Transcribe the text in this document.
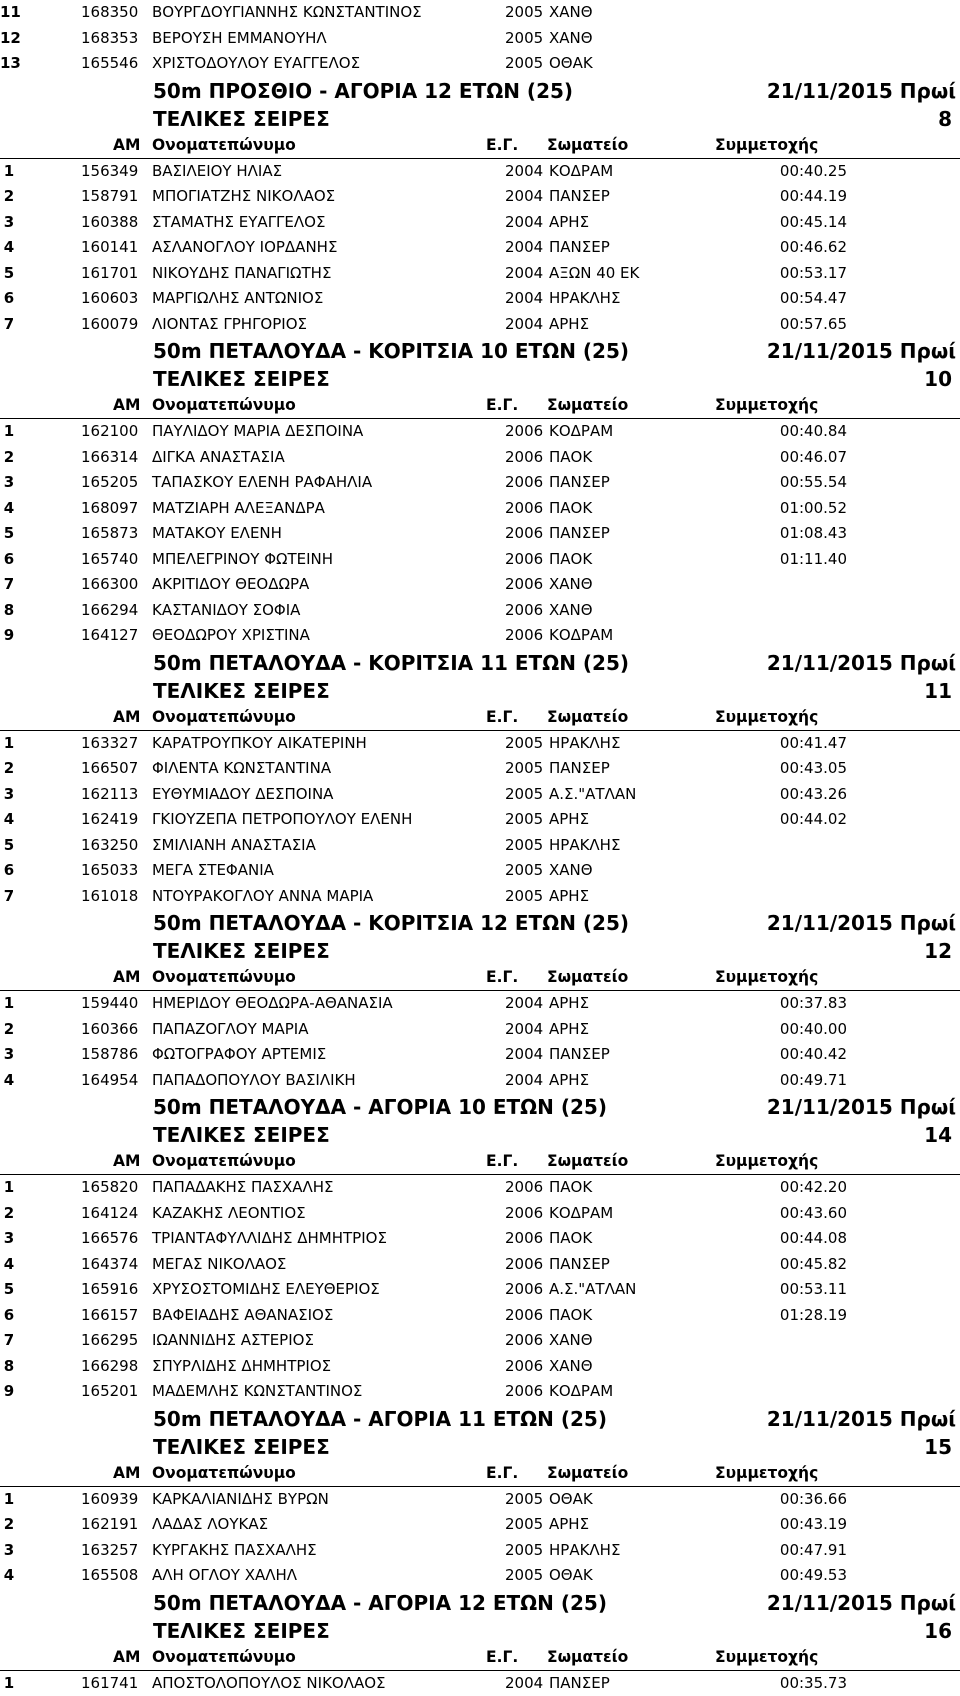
11	168350 ΒΟΥΡΓΔΟΥΓΙΑΝΝΗΣ ΚΩΝΣΤΑΝΤΙΝΟΣ	2005 ΧΑΝΘ
12	168353 ΒΕΡΟΥΣΗ ΕΜΜΑΝΟΥΗΛ	2005 ΧΑΝΘ
13	165546 ΧΡΙΣΤΟΔΟΥΛΟΥ ΕΥΑΓΓΕΛΟΣ	2005 ΟΘΑΚ
50m ΠΡΟΣΘΙΟ - ΑΓΟΡΙΑ 12 ΕΤΩΝ (25)	21/11/2015 Πρωί
ΤΕΛΙΚΕΣ ΣΕΙΡΕΣ	8
ΑΜ Ονοματεπώνυμο	Ε.Γ. Σωματείο	Συμμετοχής
1	156349 ΒΑΣΙΛΕΙΟΥ ΗΛΙΑΣ	2004 ΚΟΔΡΑΜ	00:40.25
2	158791 ΜΠΟΓΙΑΤΖΗΣ ΝΙΚΟΛΑΟΣ	2004 ΠΑΝΣΕΡ	00:44.19
3	160388 ΣΤΑΜΑΤΗΣ ΕΥΑΓΓΕΛΟΣ	2004 ΑΡΗΣ	00:45.14
4	160141 ΑΣΛΑΝΟΓΛΟΥ ΙΟΡΔΑΝΗΣ	2004 ΠΑΝΣΕΡ	00:46.62
5	161701 ΝΙΚΟΥΔΗΣ ΠΑΝΑΓΙΩΤΗΣ	2004 ΑΞΩΝ 40 ΕΚ	00:53.17
6	160603 ΜΑΡΓΙΩΛΗΣ ΑΝΤΩΝΙΟΣ	2004 ΗΡΑΚΛΗΣ	00:54.47
7	160079 ΛΙΟΝΤΑΣ ΓΡΗΓΟΡΙΟΣ	2004 ΑΡΗΣ	00:57.65
50m ΠΕΤΑΛΟΥΔΑ - ΚΟΡΙΤΣΙΑ 10 ΕΤΩΝ (25)	21/11/2015 Πρωί
ΤΕΛΙΚΕΣ ΣΕΙΡΕΣ	10
ΑΜ Ονοματεπώνυμο	Ε.Γ. Σωματείο	Συμμετοχής
1	162100 ΠΑΥΛΙΔΟΥ ΜΑΡΙΑ ΔΕΣΠΟΙΝΑ	2006 ΚΟΔΡΑΜ	00:40.84
2	166314 ΔΙΓΚΑ ΑΝΑΣΤΑΣΙΑ	2006 ΠΑΟΚ	00:46.07
3	165205 ΤΑΠΑΣΚΟΥ ΕΛΕΝΗ ΡΑΦΑΗΛΙΑ	2006 ΠΑΝΣΕΡ	00:55.54
4	168097 ΜΑΤΖΙΑΡΗ ΑΛΕΞΑΝΔΡΑ	2006 ΠΑΟΚ	01:00.52
5	165873 ΜΑΤΑΚΟΥ ΕΛΕΝΗ	2006 ΠΑΝΣΕΡ	01:08.43
6	165740 ΜΠΕΛΕΓΡΙΝΟΥ ΦΩΤΕΙΝΗ	2006 ΠΑΟΚ	01:11.40
7	166300 ΑΚΡΙΤΙΔΟΥ ΘΕΟΔΩΡΑ	2006 ΧΑΝΘ
8	166294 ΚΑΣΤΑΝΙΔΟΥ ΣΟΦΙΑ	2006 ΧΑΝΘ
9	164127 ΘΕΟΔΩΡΟΥ ΧΡΙΣΤΙΝΑ	2006 ΚΟΔΡΑΜ
50m ΠΕΤΑΛΟΥΔΑ - ΚΟΡΙΤΣΙΑ 11 ΕΤΩΝ (25)	21/11/2015 Πρωί
ΤΕΛΙΚΕΣ ΣΕΙΡΕΣ	11
ΑΜ Ονοματεπώνυμο	Ε.Γ. Σωματείο	Συμμετοχής
1	163327 ΚΑΡΑΤΡΟΥΠΚΟΥ ΑΙΚΑΤΕΡΙΝΗ	2005 ΗΡΑΚΛΗΣ	00:41.47
2	166507 ΦΙΛΕΝΤΑ ΚΩΝΣΤΑΝΤΙΝΑ	2005 ΠΑΝΣΕΡ	00:43.05
3	162113 ΕΥΘΥΜΙΑΔΟΥ ΔΕΣΠΟΙΝΑ	2005 Α.Σ."ΑΤΛΑΝ	00:43.26
4	162419 ΓΚΙΟΥΖΕΠΑ ΠΕΤΡΟΠΟΥΛΟΥ ΕΛΕΝΗ	2005 ΑΡΗΣ	00:44.02
5	163250 ΣΜΙΛΙΑΝΗ ΑΝΑΣΤΑΣΙΑ	2005 ΗΡΑΚΛΗΣ
6	165033 ΜΕΓΑ ΣΤΕΦΑΝΙΑ	2005 ΧΑΝΘ
7	161018 ΝΤΟΥΡΑΚΟΓΛΟΥ ΑΝΝΑ ΜΑΡΙΑ	2005 ΑΡΗΣ
50m ΠΕΤΑΛΟΥΔΑ - ΚΟΡΙΤΣΙΑ 12 ΕΤΩΝ (25)	21/11/2015 Πρωί
ΤΕΛΙΚΕΣ ΣΕΙΡΕΣ	12
ΑΜ Ονοματεπώνυμο	Ε.Γ. Σωματείο	Συμμετοχής
1	159440 ΗΜΕΡΙΔΟΥ ΘΕΟΔΩΡΑ-ΑΘΑΝΑΣΙΑ	2004 ΑΡΗΣ	00:37.83
2	160366 ΠΑΠΑΖΟΓΛΟΥ ΜΑΡΙΑ	2004 ΑΡΗΣ	00:40.00
3	158786 ΦΩΤΟΓΡΑΦΟΥ ΑΡΤΕΜΙΣ	2004 ΠΑΝΣΕΡ	00:40.42
4	164954 ΠΑΠΑΔΟΠΟΥΛΟΥ ΒΑΣΙΛΙΚΗ	2004 ΑΡΗΣ	00:49.71
50m ΠΕΤΑΛΟΥΔΑ - ΑΓΟΡΙΑ 10 ΕΤΩΝ (25)	21/11/2015 Πρωί
ΤΕΛΙΚΕΣ ΣΕΙΡΕΣ	14
ΑΜ Ονοματεπώνυμο	Ε.Γ. Σωματείο	Συμμετοχής
1	165820 ΠΑΠΑΔΑΚΗΣ ΠΑΣΧΑΛΗΣ	2006 ΠΑΟΚ	00:42.20
2	164124 ΚΑΖΑΚΗΣ ΛΕΟΝΤΙΟΣ	2006 ΚΟΔΡΑΜ	00:43.60
3	166576 ΤΡΙΑΝΤΑΦΥΛΛΙΔΗΣ ΔΗΜΗΤΡΙΟΣ	2006 ΠΑΟΚ	00:44.08
4	164374 ΜΕΓΑΣ ΝΙΚΟΛΑΟΣ	2006 ΠΑΝΣΕΡ	00:45.82
5	165916 ΧΡΥΣΟΣΤΟΜΙΔΗΣ ΕΛΕΥΘΕΡΙΟΣ	2006 Α.Σ."ΑΤΛΑΝ	00:53.11
6	166157 ΒΑΦΕΙΑΔΗΣ ΑΘΑΝΑΣΙΟΣ	2006 ΠΑΟΚ	01:28.19
7	166295 ΙΩΑΝΝΙΔΗΣ ΑΣΤΕΡΙΟΣ	2006 ΧΑΝΘ
8	166298 ΣΠΥΡΛΙΔΗΣ ΔΗΜΗΤΡΙΟΣ	2006 ΧΑΝΘ
9	165201 ΜΑΔΕΜΛΗΣ ΚΩΝΣΤΑΝΤΙΝΟΣ	2006 ΚΟΔΡΑΜ
50m ΠΕΤΑΛΟΥΔΑ - ΑΓΟΡΙΑ 11 ΕΤΩΝ (25)	21/11/2015 Πρωί
ΤΕΛΙΚΕΣ ΣΕΙΡΕΣ	15
ΑΜ Ονοματεπώνυμο	Ε.Γ. Σωματείο	Συμμετοχής
1	160939 ΚΑΡΚΑΛΙΑΝΙΔΗΣ ΒΥΡΩΝ	2005 ΟΘΑΚ	00:36.66
2	162191 ΛΑΔΑΣ ΛΟΥΚΑΣ	2005 ΑΡΗΣ	00:43.19
3	163257 ΚΥΡΓΑΚΗΣ ΠΑΣΧΑΛΗΣ	2005 ΗΡΑΚΛΗΣ	00:47.91
4	165508 ΑΛΗ ΟΓΛΟΥ ΧΑΛΗΛ	2005 ΟΘΑΚ	00:49.53
50m ΠΕΤΑΛΟΥΔΑ - ΑΓΟΡΙΑ 12 ΕΤΩΝ (25)	21/11/2015 Πρωί
ΤΕΛΙΚΕΣ ΣΕΙΡΕΣ	16
ΑΜ Ονοματεπώνυμο	Ε.Γ. Σωματείο	Συμμετοχής
1	161741 ΑΠΟΣΤΟΛΟΠΟΥΛΟΣ ΝΙΚΟΛΑΟΣ	2004 ΠΑΝΣΕΡ	00:35.73
